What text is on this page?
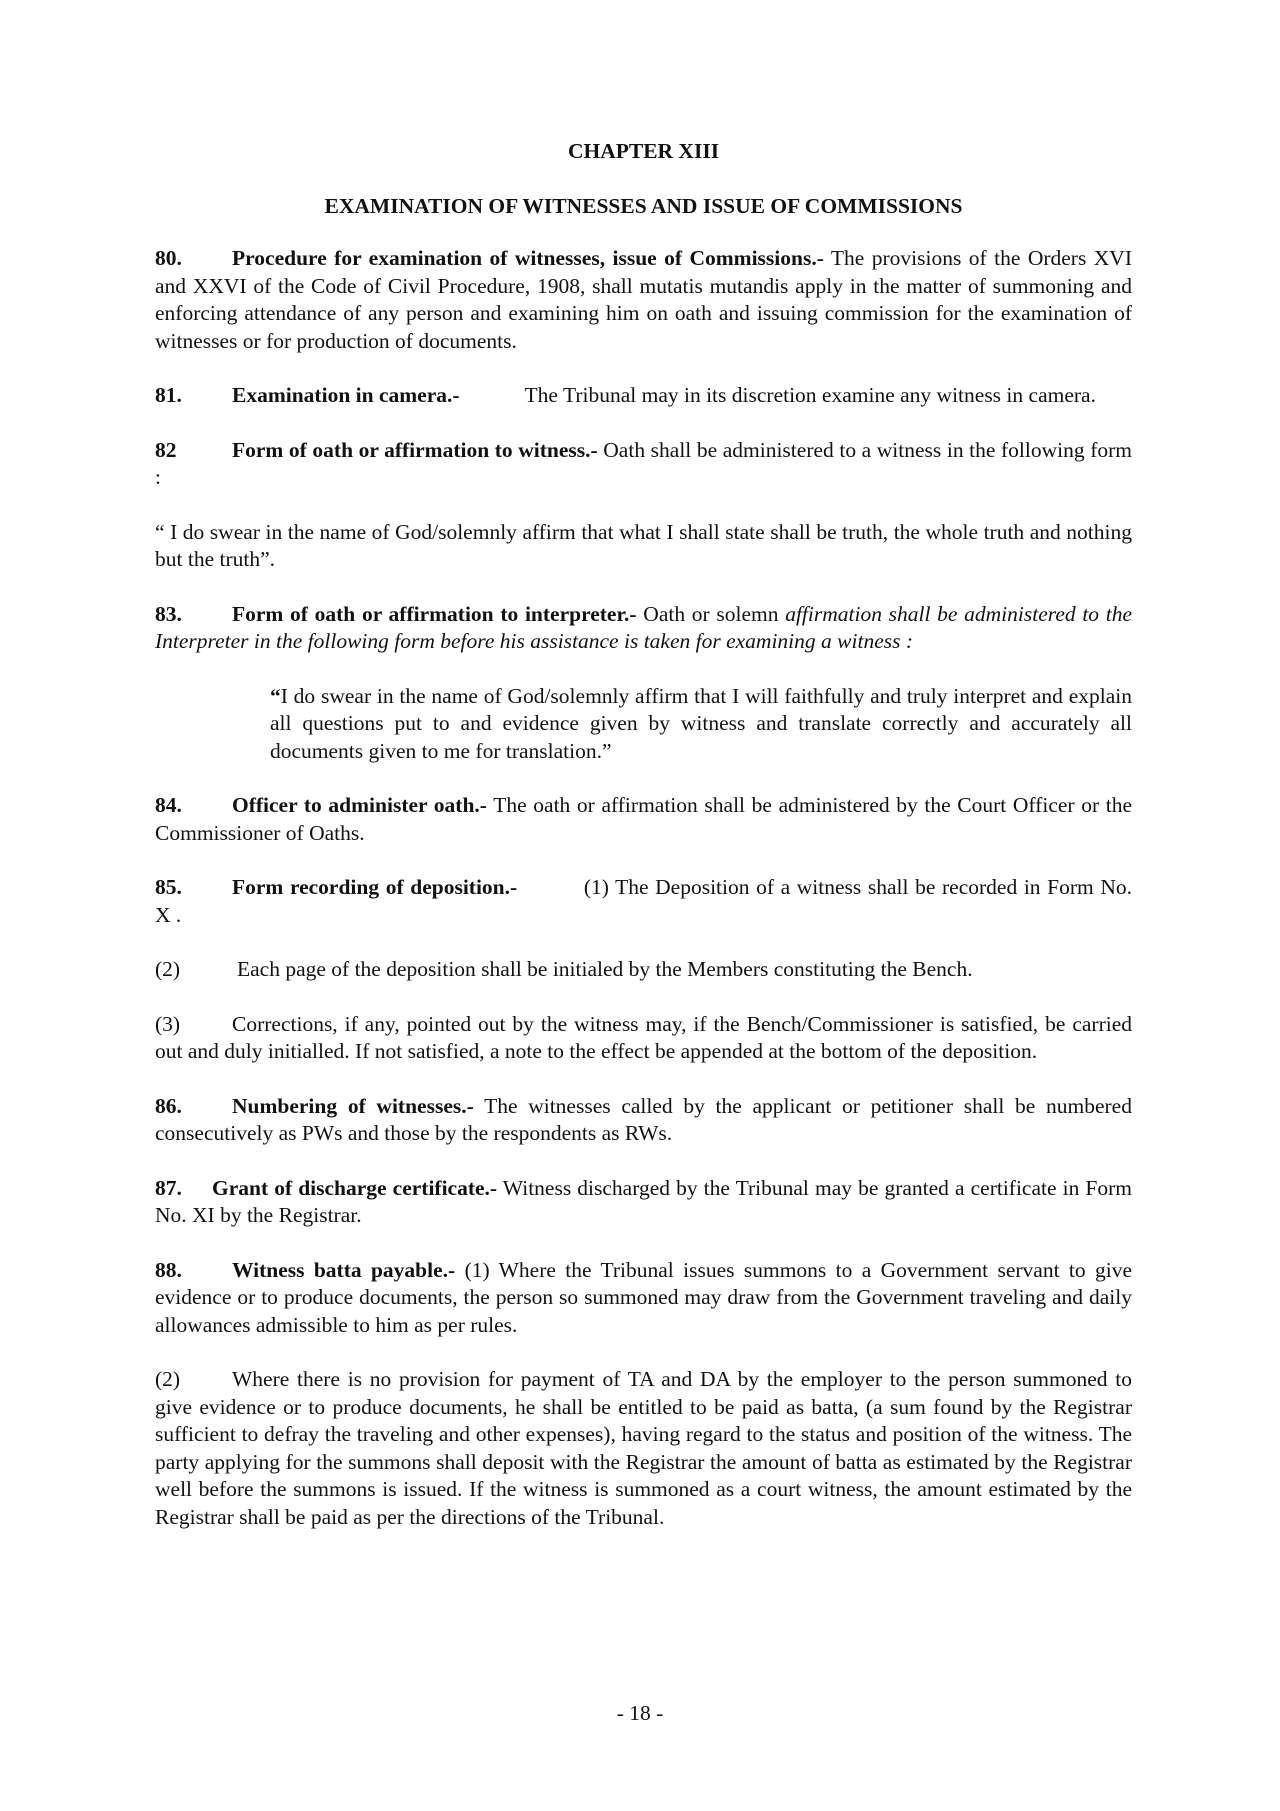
CHAPTER XIII
EXAMINATION OF WITNESSES AND ISSUE OF COMMISSIONS

80. Procedure for examination of witnesses, issue of Commissions.- The provisions of the Orders XVI and XXVI of the Code of Civil Procedure, 1908, shall mutatis mutandis apply in the matter of summoning and enforcing attendance of any person and examining him on oath and issuing commission for the examination of witnesses or for production of documents.

81. Examination in camera.-	The Tribunal may in its discretion examine any witness in camera.

82	Form of oath or affirmation to witness.- Oath shall be administered to a witness in the following form :

“ I do swear in the name of God/solemnly affirm that what I shall state shall be truth, the whole truth and nothing but the truth”.

83. Form of oath or affirmation to interpreter.- Oath or solemn affirmation shall be administered to the Interpreter in the following form before his assistance is taken for examining a witness :

“I do swear in the name of God/solemnly affirm that I will faithfully and truly interpret and explain all questions put to and evidence given by witness and translate correctly and accurately all documents given to me for translation.”

84. Officer to administer oath.- The oath or affirmation shall be administered by the Court Officer or the Commissioner of Oaths.

85. Form recording of deposition.-	(1) The Deposition of a witness shall be recorded in Form No. X .

(2)	Each page of the deposition shall be initialed by the Members constituting the Bench.

(3) Corrections, if any, pointed out by the witness may, if the Bench/Commissioner is satisfied, be carried out and duly initialled. If not satisfied, a note to the effect be appended at the bottom of the deposition.

86. Numbering of witnesses.- The witnesses called by the applicant or petitioner shall be numbered consecutively as PWs and those by the respondents as RWs.

87. Grant of discharge certificate.- Witness discharged by the Tribunal may be granted a certificate in Form No. XI by the Registrar.

88. Witness batta payable.- (1) Where the Tribunal issues summons to a Government servant to give evidence or to produce documents, the person so summoned may draw from the Government traveling and daily allowances admissible to him as per rules.

(2) Where there is no provision for payment of TA and DA by the employer to the person summoned to give evidence or to produce documents, he shall be entitled to be paid as batta, (a sum found by the Registrar sufficient to defray the traveling and other expenses), having regard to the status and position of the witness. The party applying for the summons shall deposit with the Registrar the amount of batta as estimated by the Registrar well before the summons is issued. If the witness is summoned as a court witness, the amount estimated by the Registrar shall be paid as per the directions of the Tribunal.

- 18 -
